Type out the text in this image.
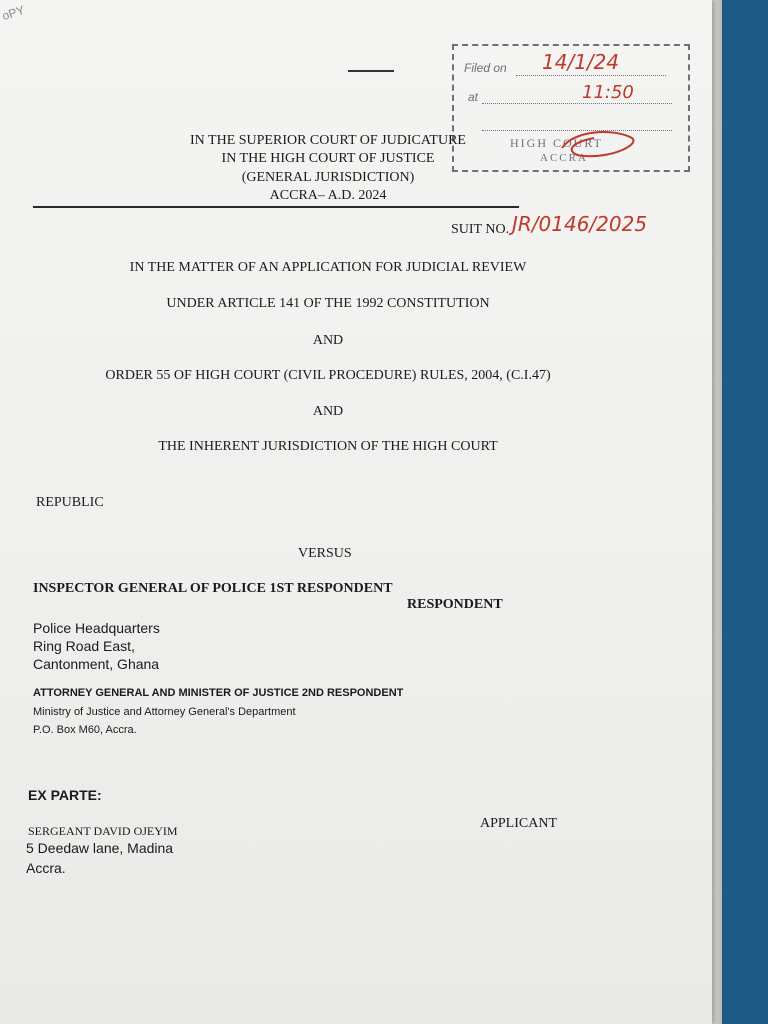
oPY
Filed on 14/1/24
at	11:50
HIGH COURT
ACCRA
IN THE SUPERIOR COURT OF JUDICATURE
IN THE HIGH COURT OF JUSTICE
(GENERAL JURISDICTION)
ACCRA– A.D. 2024
SUIT NO. JR/0146/2025
IN THE MATTER OF AN APPLICATION FOR JUDICIAL REVIEW
UNDER ARTICLE 141 OF THE 1992 CONSTITUTION
AND
ORDER 55 OF HIGH COURT (CIVIL PROCEDURE) RULES, 2004, (C.I.47)
AND
THE INHERENT JURISDICTION OF THE HIGH COURT
REPUBLIC
VERSUS
INSPECTOR GENERAL OF POLICE 1ST RESPONDENT
RESPONDENT
Police Headquarters
Ring Road East,
Cantonment, Ghana
ATTORNEY GENERAL AND MINISTER OF JUSTICE 2ND RESPONDENT
Ministry of Justice and Attorney General's Department
P.O. Box M60, Accra.
EX PARTE:
SERGEANT DAVID OJEYIM	APPLICANT
5 Deedaw lane, Madina
Accra.
